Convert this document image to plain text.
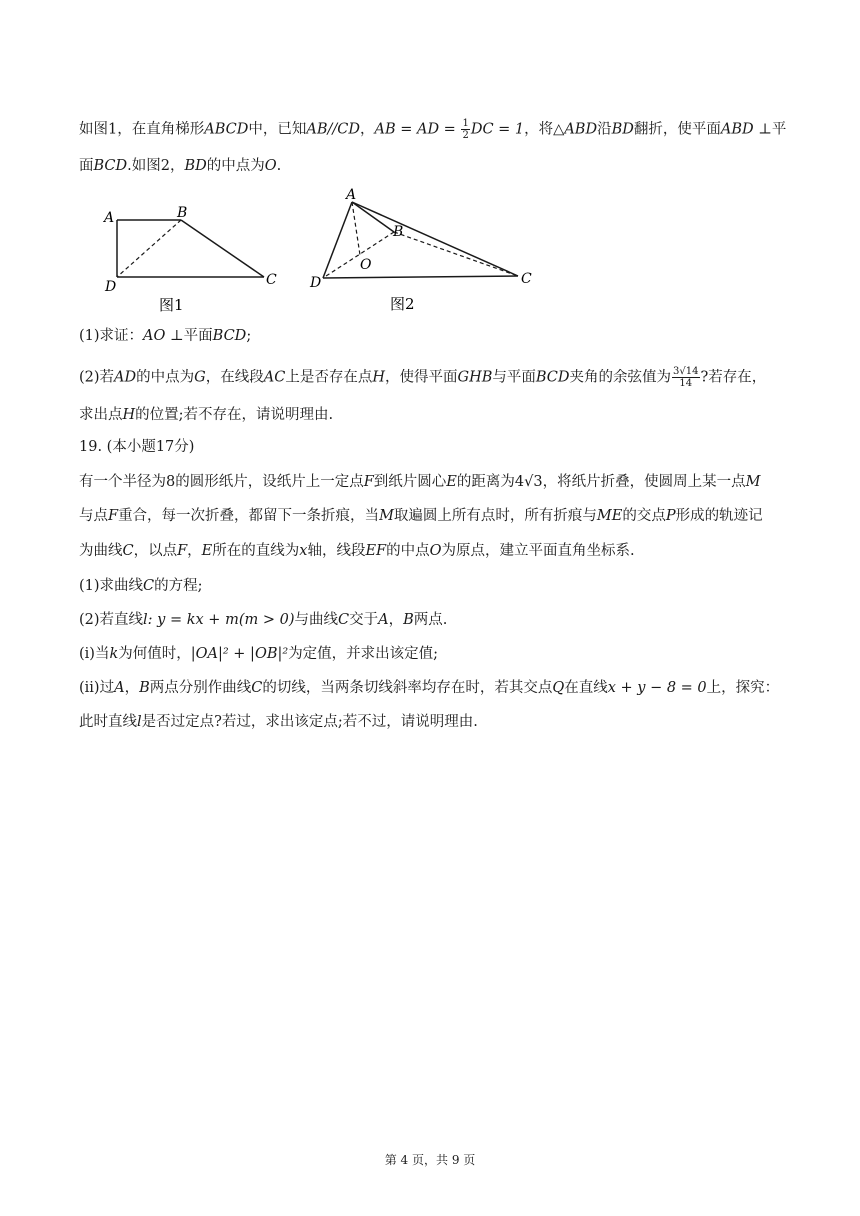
如图1，在直角梯形ABCD中，已知AB//CD，AB = AD = $\frac{1}{2}$ DC = 1，将△ABD沿BD翻折，使平面ABD ⊥平
面BCD.如图2，BD的中点为O.
A	B
C
D
图1
A
B
C
D
O
图2
(1)求证：AO ⊥平面BCD;
(2)若AD的中点为G，在线段AC上是否存在点H，使得平面GHB与平面BCD夹角的余弦值为 $\frac{3√14}{14}$ ?若存在，
求出点H的位置;若不存在，请说明理由.
19. (本小题17分)
有一个半径为8的圆形纸片，设纸片上一定点F到纸片圆心E的距离为4√3，将纸片折叠，使圆周上某一点M
与点F重合，每一次折叠，都留下一条折痕，当M取遍圆上所有点时，所有折痕与ME的交点P形成的轨迹记
为曲线C，以点F，E所在的直线为x轴，线段EF的中点O为原点，建立平面直角坐标系.
(1)求曲线C的方程;
(2)若直线l: y = kx + m(m > 0)与曲线C交于A，B两点.
(i)当k为何值时，|OA|² + |OB|²为定值，并求出该定值;
(ii)过A，B两点分别作曲线C的切线，当两条切线斜率均存在时，若其交点Q在直线x + y − 8 = 0上，探究：
此时直线l是否过定点?若过，求出该定点;若不过，请说明理由.
第 4 页，共 9 页
